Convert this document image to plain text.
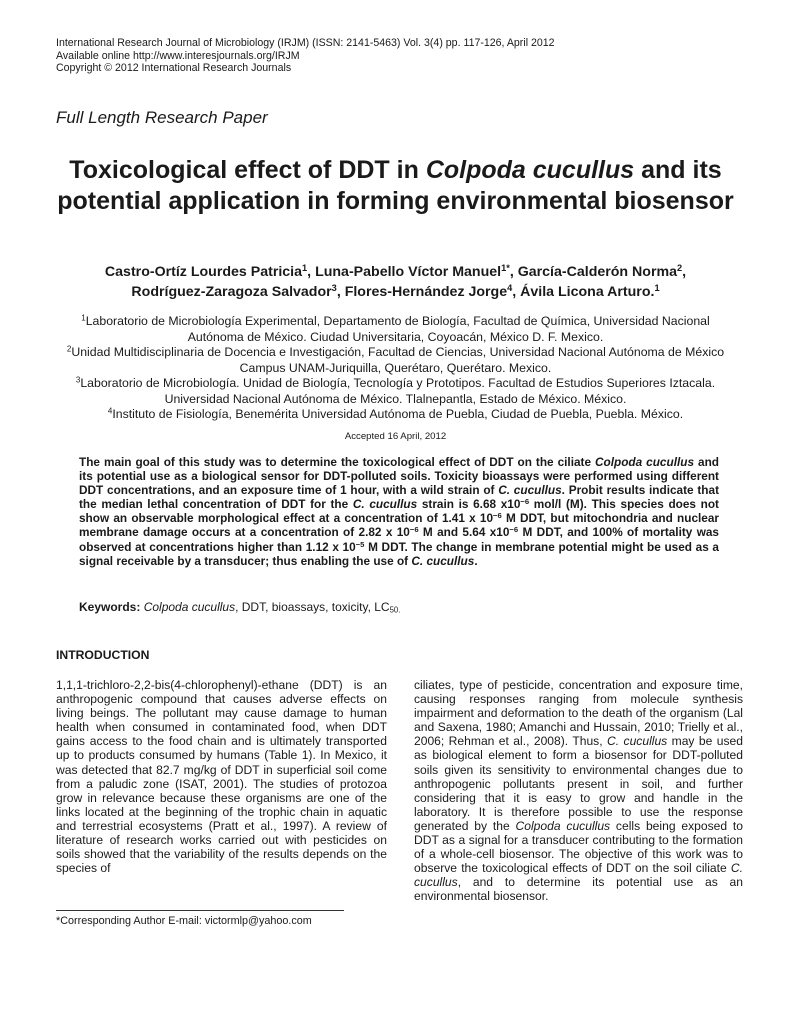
International Research Journal of Microbiology (IRJM) (ISSN: 2141-5463) Vol. 3(4) pp. 117-126, April 2012
Available online http://www.interesjournals.org/IRJM
Copyright © 2012 International Research Journals
Full Length Research Paper
Toxicological effect of DDT in Colpoda cucullus and its potential application in forming environmental biosensor
Castro-Ortíz Lourdes Patricia$^1$, Luna-Pabello Víctor Manuel$^{1*}$, García-Calderón Norma$^2$,
Rodríguez-Zaragoza Salvador$^3$, Flores-Hernández Jorge$^4$, Ávila Licona Arturo.$^1$
$^1$Laboratorio de Microbiología Experimental, Departamento de Biología, Facultad de Química, Universidad Nacional Autónoma de México. Ciudad Universitaria, Coyoacán, México D. F. Mexico.
$^2$Unidad Multidisciplinaria de Docencia e Investigación, Facultad de Ciencias, Universidad Nacional Autónoma de México Campus UNAM-Juriquilla, Querétaro, Querétaro. Mexico.
$^3$Laboratorio de Microbiología. Unidad de Biología, Tecnología y Prototipos. Facultad de Estudios Superiores Iztacala. Universidad Nacional Autónoma de México. Tlalnepantla, Estado de México. México.
$^4$Instituto de Fisiología, Benemérita Universidad Autónoma de Puebla, Ciudad de Puebla, Puebla. México.
Accepted 16 April, 2012
The main goal of this study was to determine the toxicological effect of DDT on the ciliate Colpoda cucullus and its potential use as a biological sensor for DDT-polluted soils. Toxicity bioassays were performed using different DDT concentrations, and an exposure time of 1 hour, with a wild strain of C. cucullus. Probit results indicate that the median lethal concentration of DDT for the C. cucullus strain is 6.68 $x10^{-6}$ mol/l (M). This species does not show an observable morphological effect at a concentration of 1.41 x $10^{-6}$ M DDT, but mitochondria and nuclear membrane damage occurs at a concentration of 2.82 x $10^{-6}$ M and 5.64 $x10^{-6}$ M DDT, and 100% of mortality was observed at concentrations higher than 1.12 x $10^{-5}$ M DDT. The change in membrane potential might be used as a signal receivable by a transducer; thus enabling the use of C. cucullus.
Keywords: Colpoda cucullus, DDT, bioassays, toxicity, $LC_{50.}$
INTRODUCTION
1,1,1-trichloro-2,2-bis(4-chlorophenyl)-ethane (DDT) is an anthropogenic compound that causes adverse effects on living beings. The pollutant may cause damage to human health when consumed in contaminated food, when DDT gains access to the food chain and is ultimately transported up to products consumed by humans (Table 1). In Mexico, it was detected that 82.7 mg/kg of DDT in superficial soil come from a paludic zone (ISAT, 2001). The studies of protozoa grow in relevance because these organisms are one of the links located at the beginning of the trophic chain in aquatic and terrestrial ecosystems (Pratt et al., 1997). A review of literature of research works carried out with pesticides on soils showed that the variability of the results depends on the species of
ciliates, type of pesticide, concentration and exposure time, causing responses ranging from molecule synthesis impairment and deformation to the death of the organism (Lal and Saxena, 1980; Amanchi and Hussain, 2010; Trielly et al., 2006; Rehman et al., 2008). Thus, C. cucullus may be used as biological element to form a biosensor for DDT-polluted soils given its sensitivity to environmental changes due to anthropogenic pollutants present in soil, and further considering that it is easy to grow and handle in the laboratory. It is therefore possible to use the response generated by the Colpoda cucullus cells being exposed to DDT as a signal for a transducer contributing to the formation of a whole-cell biosensor. The objective of this work was to observe the toxicological effects of DDT on the soil ciliate C. cucullus, and to determine its potential use as an environmental biosensor.
*Corresponding Author E-mail: victormlp@yahoo.com
